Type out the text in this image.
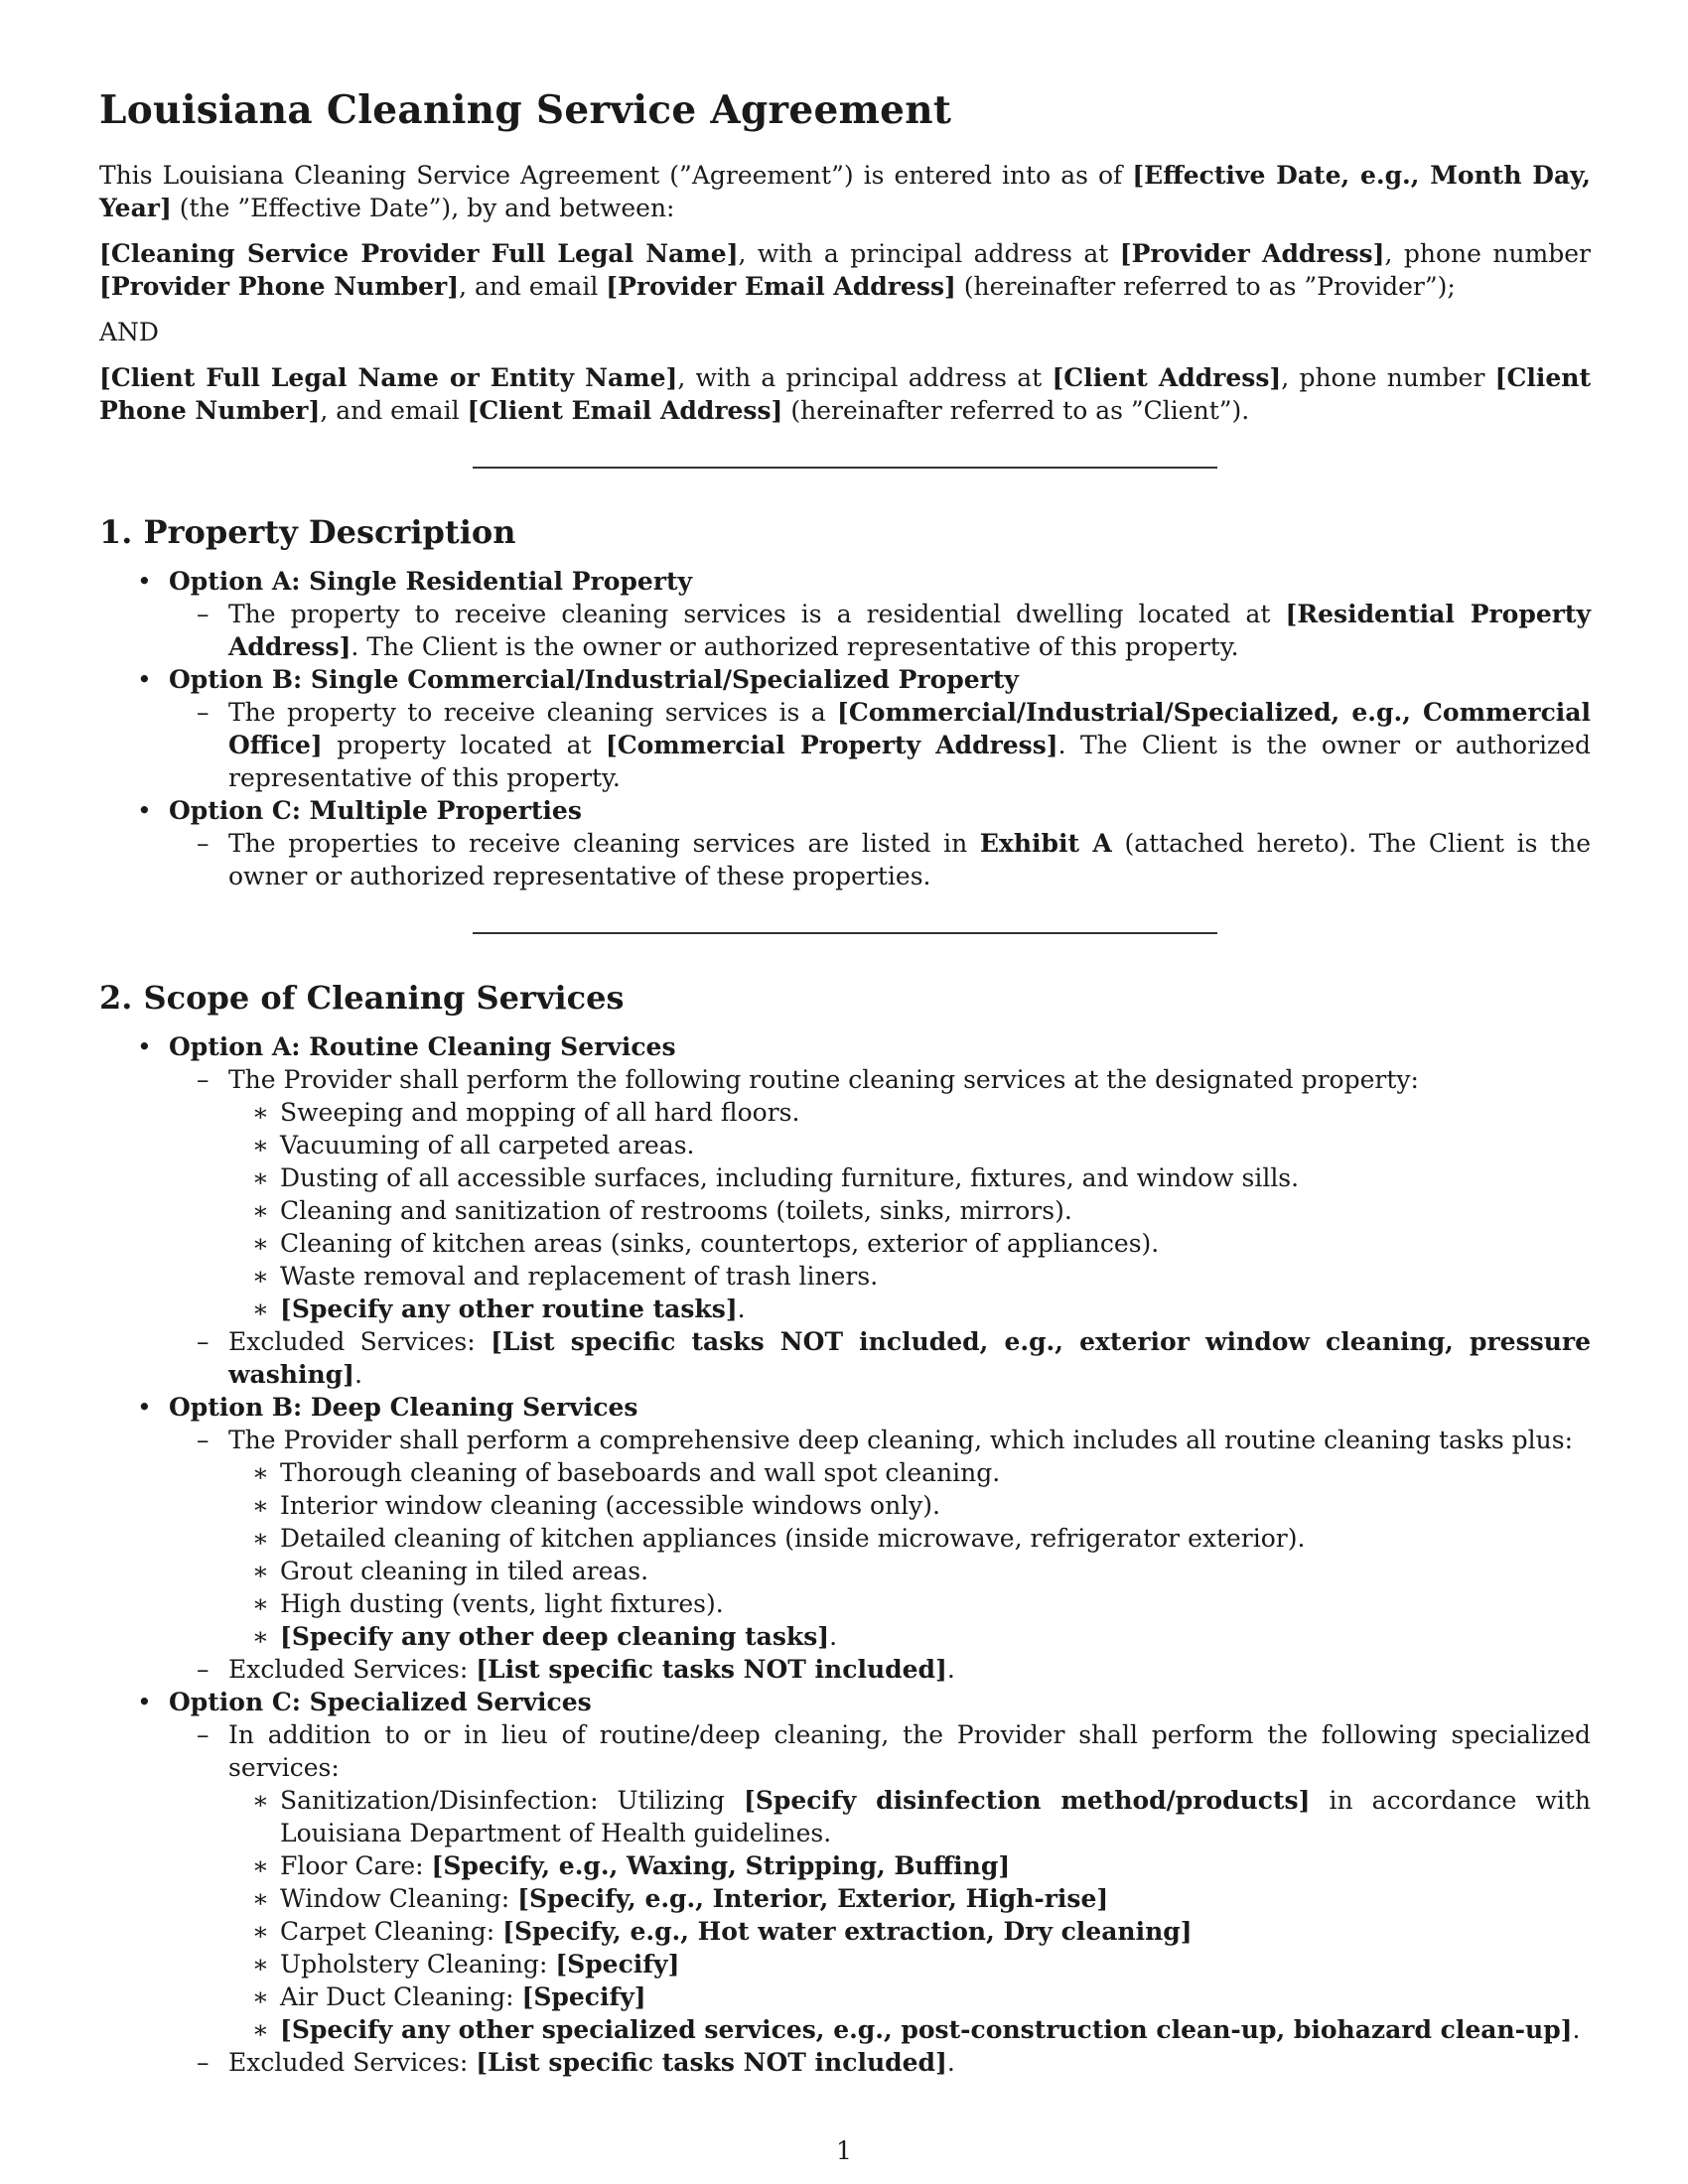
Louisiana Cleaning Service Agreement

This Louisiana Cleaning Service Agreement (”Agreement”) is entered into as of [Effective Date, e.g., Month Day, Year] (the ”Effective Date”), by and between:

[Cleaning Service Provider Full Legal Name], with a principal address at [Provider Address], phone number [Provider Phone Number], and email [Provider Email Address] (hereinafter referred to as ”Provider”);

AND

[Client Full Legal Name or Entity Name], with a principal address at [Client Address], phone number [Client Phone Number], and email [Client Email Address] (hereinafter referred to as ”Client”).

1. Property Description
• Option A: Single Residential Property
– The property to receive cleaning services is a residential dwelling located at [Residential Property Address]. The Client is the owner or authorized representative of this property.
• Option B: Single Commercial/Industrial/Specialized Property
– The property to receive cleaning services is a [Commercial/Industrial/Specialized, e.g., Commercial Office] property located at [Commercial Property Address]. The Client is the owner or authorized representative of this property.
• Option C: Multiple Properties
– The properties to receive cleaning services are listed in Exhibit A (attached hereto). The Client is the owner or authorized representative of these properties.
2. Scope of Cleaning Services
• Option A: Routine Cleaning Services
– The Provider shall perform the following routine cleaning services at the designated property:
∗ Sweeping and mopping of all hard floors.
∗ Vacuuming of all carpeted areas.
∗ Dusting of all accessible surfaces, including furniture, fixtures, and window sills.
∗ Cleaning and sanitization of restrooms (toilets, sinks, mirrors).
∗ Cleaning of kitchen areas (sinks, countertops, exterior of appliances).
∗ Waste removal and replacement of trash liners.
∗ [Specify any other routine tasks].
– Excluded Services: [List specific tasks NOT included, e.g., exterior window cleaning, pressure washing].
• Option B: Deep Cleaning Services
– The Provider shall perform a comprehensive deep cleaning, which includes all routine cleaning tasks plus:
∗ Thorough cleaning of baseboards and wall spot cleaning.
∗ Interior window cleaning (accessible windows only).
∗ Detailed cleaning of kitchen appliances (inside microwave, refrigerator exterior).
∗ Grout cleaning in tiled areas.
∗ High dusting (vents, light fixtures).
∗ [Specify any other deep cleaning tasks].
– Excluded Services: [List specific tasks NOT included].
• Option C: Specialized Services
– In addition to or in lieu of routine/deep cleaning, the Provider shall perform the following specialized services:
∗ Sanitization/Disinfection: Utilizing [Specify disinfection method/products] in accordance with Louisiana Department of Health guidelines.
∗ Floor Care: [Specify, e.g., Waxing, Stripping, Buffing]
∗ Window Cleaning: [Specify, e.g., Interior, Exterior, High-rise]
∗ Carpet Cleaning: [Specify, e.g., Hot water extraction, Dry cleaning]
∗ Upholstery Cleaning: [Specify]
∗ Air Duct Cleaning: [Specify]
∗ [Specify any other specialized services, e.g., post-construction clean-up, biohazard clean-up].
– Excluded Services: [List specific tasks NOT included].
1
